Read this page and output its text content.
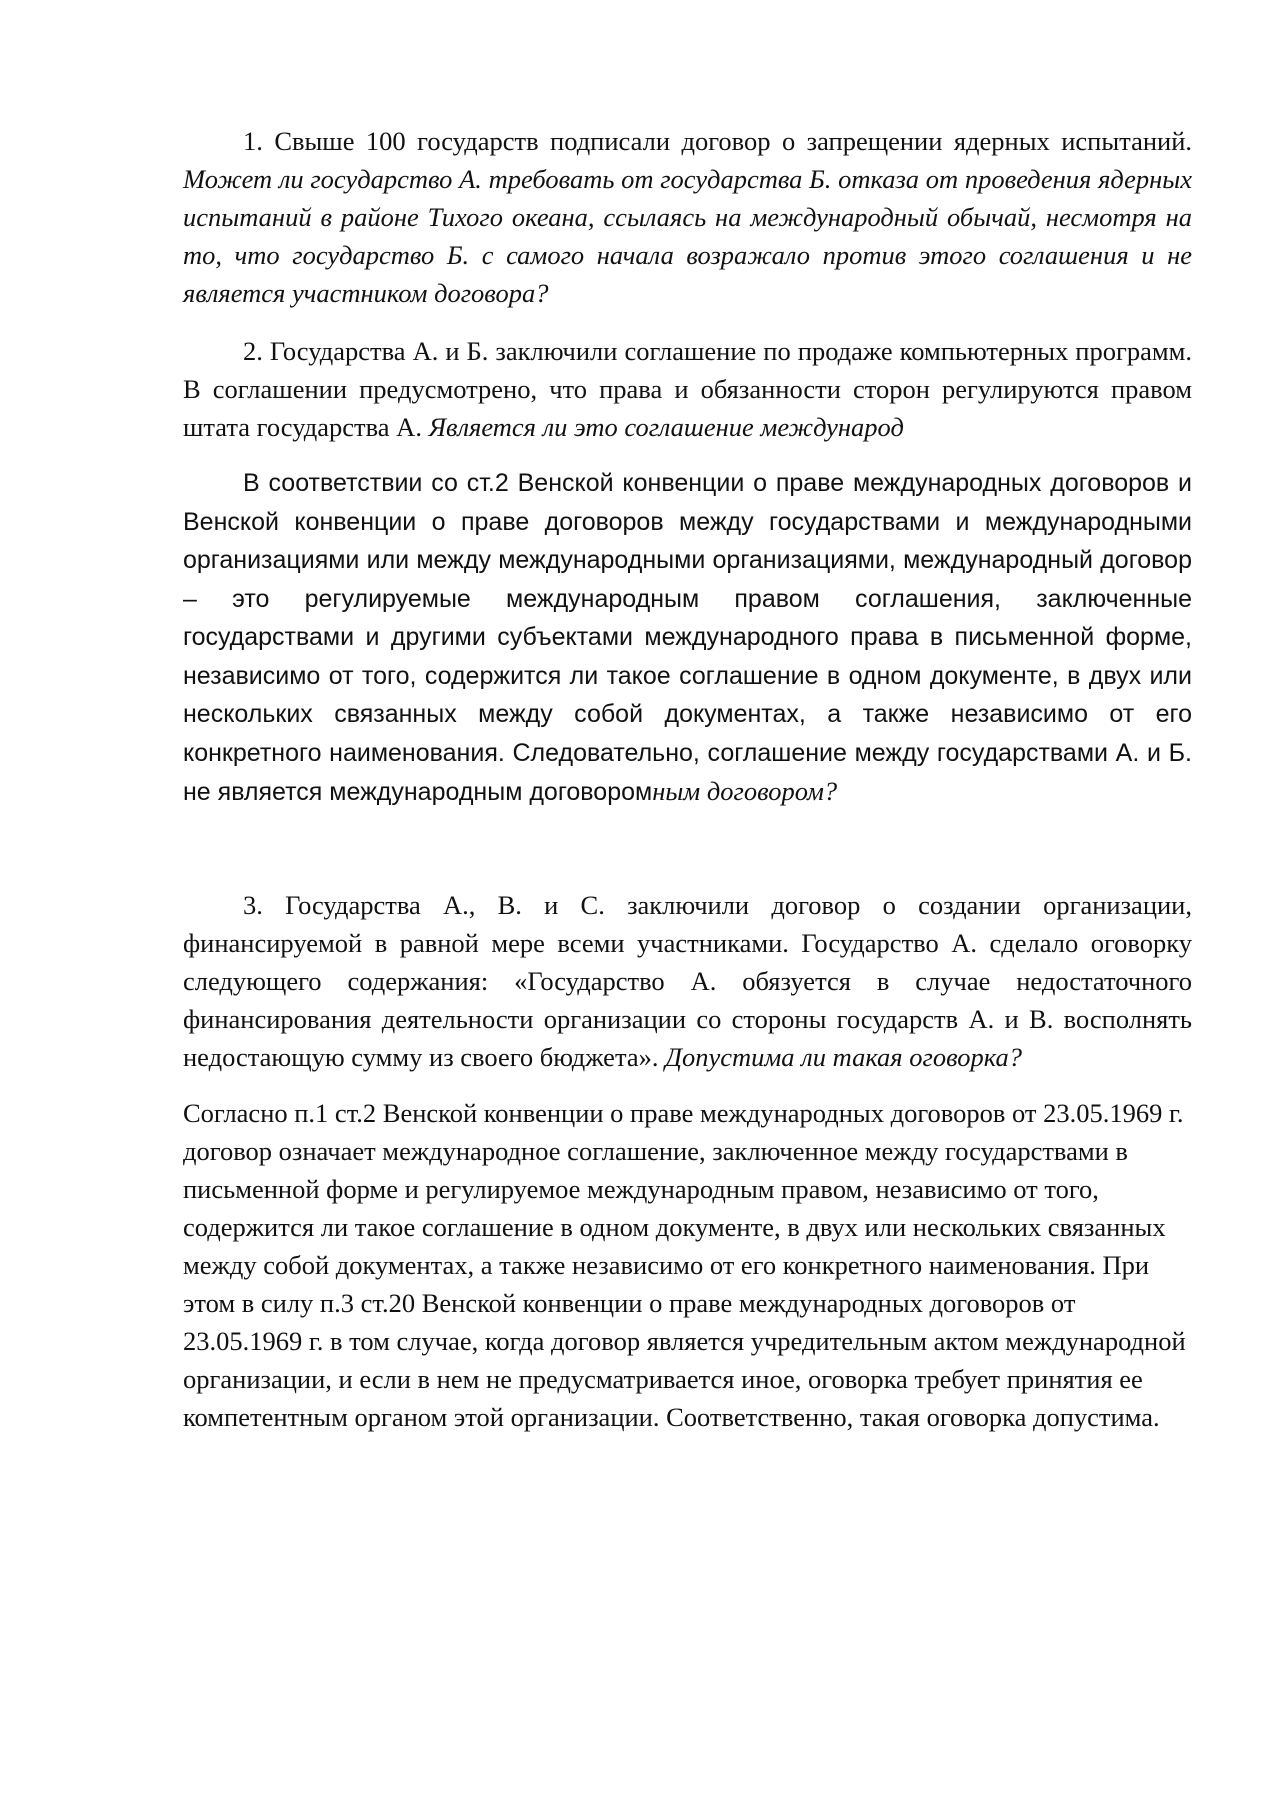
1. Свыше 100 государств подписали договор о запрещении ядерных испытаний. Может ли государство А. требовать от государства Б. отказа от проведения ядерных испытаний в районе Тихого океана, ссылаясь на международный обычай, несмотря на то, что государство Б. с самого начала возражало против этого соглашения и не является участником договора?

2. Государства А. и Б. заключили соглашение по продаже компьютерных программ. В соглашении предусмотрено, что права и обязанности сторон регулируются правом штата государства А. Является ли это соглашение международ

В соответствии со ст.2 Венской конвенции о праве международных договоров и Венской конвенции о праве договоров между государствами и международными организациями или между международными организациями, международный договор – это регулируемые международным правом соглашения, заключенные государствами и другими субъектами международного права в письменной форме, независимо от того, содержится ли такое соглашение в одном документе, в двух или нескольких связанных между собой документах, а также независимо от его конкретного наименования. Следовательно, соглашение между государствами А. и Б. не является международным договоромным договором?

3. Государства А., В. и С. заключили договор о создании организации, финансируемой в равной мере всеми участниками. Государство А. сделало оговорку следующего содержания: «Государство А. обязуется в случае недостаточного финансирования деятельности организации со стороны государств А. и В. восполнять недостающую сумму из своего бюджета». Допустима ли такая оговорка?

Согласно п.1 ст.2 Венской конвенции о праве международных договоров от 23.05.1969 г. договор означает международное соглашение, заключенное между государствами в письменной форме и регулируемое международным правом, независимо от того, содержится ли такое соглашение в одном документе, в двух или нескольких связанных между собой документах, а также независимо от его конкретного наименования. При этом в силу п.3 ст.20 Венской конвенции о праве международных договоров от 23.05.1969 г. в том случае, когда договор является учредительным актом международной организации, и если в нем не предусматривается иное, оговорка требует принятия ее компетентным органом этой организации. Соответственно, такая оговорка допустима.
